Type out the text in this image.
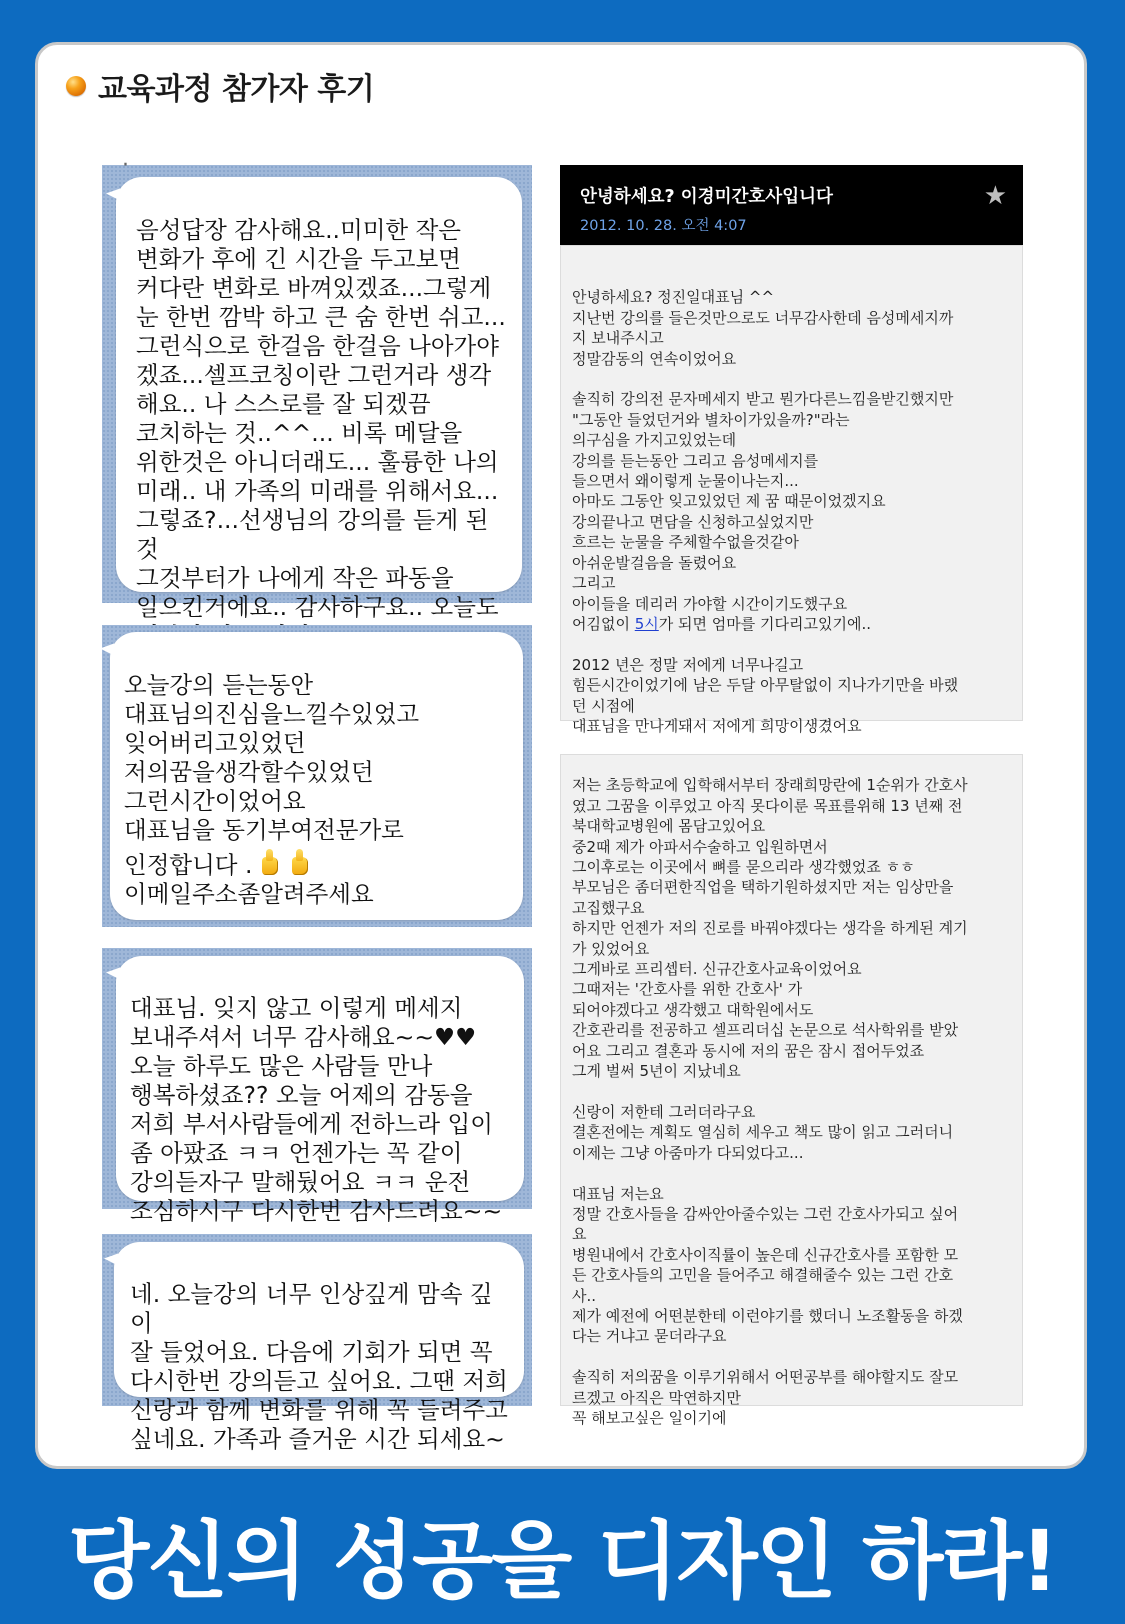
교육과정 참가자 후기
·

음성답장 감사해요..미미한 작은
변화가 후에 긴 시간을 두고보면
커다란 변화로 바껴있겠죠...그렇게
눈 한번 깜박 하고 큰 숨 한번 쉬고...
그런식으로 한걸음 한걸음 나아가야
겠죠...셀프코칭이란 그런거라 생각
해요.. 나 스스로를 잘 되겠끔
코치하는 것..^^... 비록 메달을
위한것은 아니더래도... 훌륭한 나의
미래.. 내 가족의 미래를 위해서요...
그렇죠?...선생님의 강의를 듣게 된것
그것부터가 나에게 작은 파동을
일으킨거에요.. 감사하구요.. 오늘도

오늘강의 듣는동안
대표님의진심을느낄수있었고
잊어버리고있었던
저의꿈을생각할수있었던
그런시간이었어요
대표님을 동기부여전문가로
인정합니다 .
이메일주소좀알려주세요

대표님. 잊지 않고 이렇게 메세지
보내주셔서 너무 감사해요~~♥♥
오늘 하루도 많은 사람들 만나
행복하셨죠?? 오늘 어제의 감동을
저희 부서사람들에게 전하느라 입이
좀 아팠죠 ㅋㅋ 언젠가는 꼭 같이
강의듣자구 말해뒀어요 ㅋㅋ 운전
조심하시구 다시한번 감사드려요~~

네. 오늘강의 너무 인상깊게 맘속 깊이
잘 들었어요. 다음에 기회가 되면 꼭
다시한번 강의듣고 싶어요. 그땐 저희
신랑과 함께 변화를 위해 꼭 들려주고
싶네요. 가족과 즐거운 시간 되세요~

안녕하세요? 이경미간호사입니다
2012. 10. 28. 오전 4:07
★

안녕하세요? 정진일대표님 ^^
지난번 강의를 들은것만으로도 너무감사한데 음성메세지까
지 보내주시고
정말감동의 연속이었어요

솔직히 강의전 문자메세지 받고 뭔가다른느낌을받긴했지만
"그동안 들었던거와 별차이가있을까?"라는
의구심을 가지고있었는데
강의를 듣는동안 그리고 음성메세지를
들으면서 왜이렇게 눈물이나는지...
아마도 그동안 잊고있었던 제 꿈 때문이었겠지요
강의끝나고 면담을 신청하고싶었지만
흐르는 눈물을 주체할수없을것같아
아쉬운발걸음을 돌렸어요
그리고
아이들을 데리러 가야할 시간이기도했구요
어김없이 5시가 되면 엄마를 기다리고있기에..

2012 년은 정말 저에게 너무나길고
힘든시간이었기에 남은 두달 아무탈없이 지나가기만을 바랬
던 시점에
대표님을 만나게돼서 저에게 희망이생겼어요

저는 초등학교에 입학해서부터 장래희망란에 1순위가 간호사
였고 그꿈을 이루었고 아직 못다이룬 목표를위해 13 년째 전
북대학교병원에 몸담고있어요
중2때 제가 아파서수술하고 입원하면서
그이후로는 이곳에서 뼈를 묻으리라 생각했었죠 ㅎㅎ
부모님은 좀더편한직업을 택하기원하셨지만 저는 임상만을
고집했구요
하지만 언젠가 저의 진로를 바꿔야겠다는 생각을 하게된 계기
가 있었어요
그게바로 프리셉터. 신규간호사교육이었어요
그때저는 '간호사를 위한 간호사' 가
되어야겠다고 생각했고 대학원에서도
간호관리를 전공하고 셀프리더십 논문으로 석사학위를 받았
어요 그리고 결혼과 동시에 저의 꿈은 잠시 접어두었죠
그게 벌써 5년이 지났네요

신랑이 저한테 그러더라구요
결혼전에는 계획도 열심히 세우고 책도 많이 읽고 그러더니
이제는 그냥 아줌마가 다되었다고...

대표님 저는요
정말 간호사들을 감싸안아줄수있는 그런 간호사가되고 싶어
요
병원내에서 간호사이직률이 높은데 신규간호사를 포함한 모
든 간호사들의 고민을 들어주고 해결해줄수 있는 그런 간호
사..
제가 예전에 어떤분한테 이런야기를 했더니 노조활동을 하겠
다는 거냐고 묻더라구요

솔직히 저의꿈을 이루기위해서 어떤공부를 해야할지도 잘모
르겠고 아직은 막연하지만
꼭 해보고싶은 일이기에

당신의 성공을 디자인 하라!
